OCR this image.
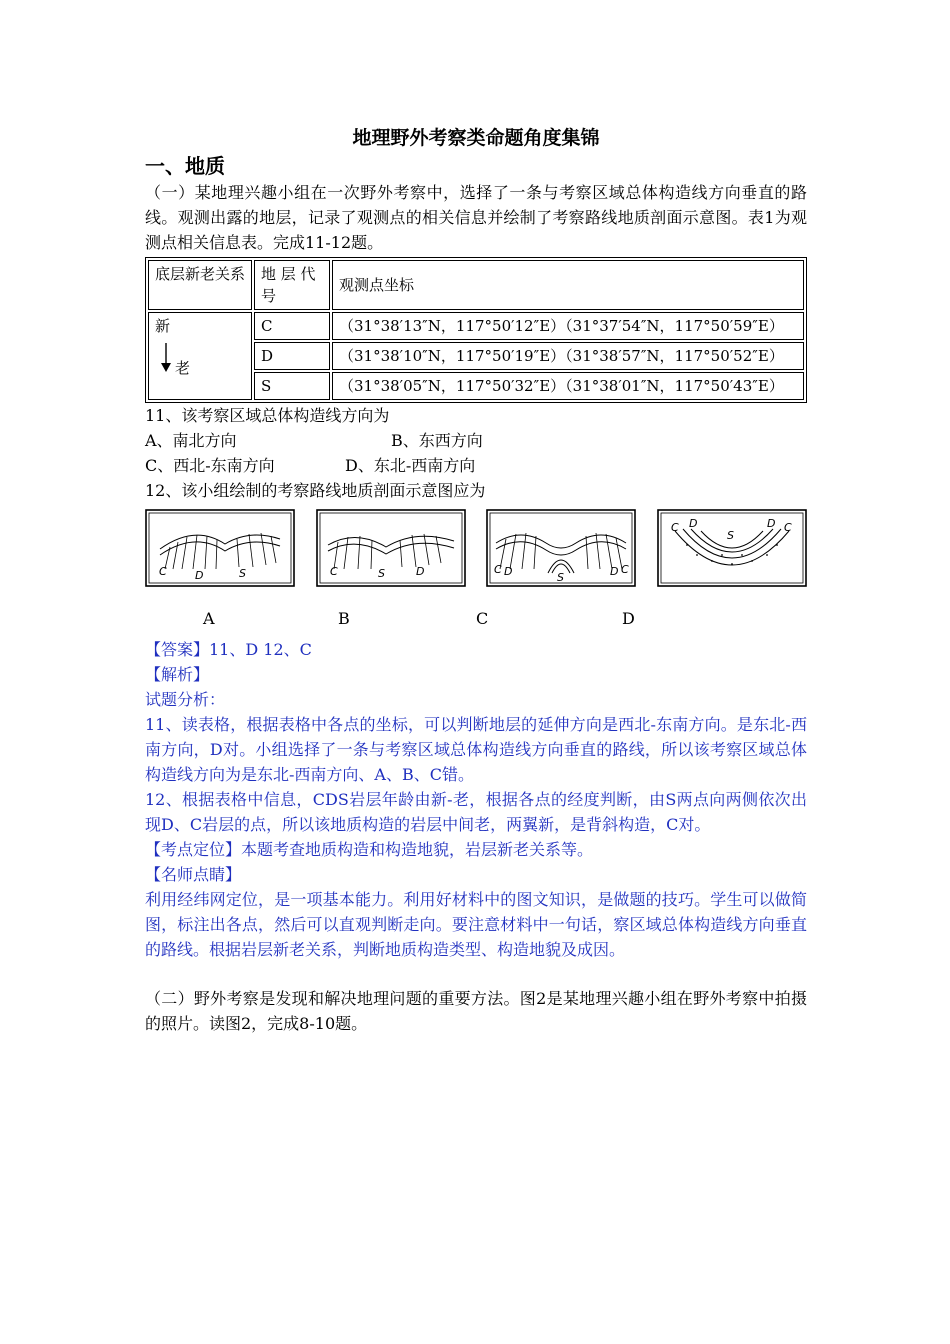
地理野外考察类命题角度集锦
一、地质

（一）某地理兴趣小组在一次野外考察中，选择了一条与考察区域总体构造线方向垂直的路线。观测出露的地层，记录了观测点的相关信息并绘制了考察路线地质剖面示意图。表1为观测点相关信息表。完成11-12题。

底层新老关系	地 层 代号	观测点坐标
新
老	C	（31°38′13″N，117°50′12″E）（31°37′54″N，117°50′59″E）
	D	（31°38′10″N，117°50′19″E）（31°38′57″N，117°50′52″E）
	S	（31°38′05″N，117°50′32″E）（31°38′01″N，117°50′43″E）

11、该考察区域总体构造线方向为

A、南北方向	B、东西方向
C、西北-东南方向	D、东北-西南方向

12、该小组绘制的考察路线地质剖面示意图应为

C	D	S	C	S	D	C D	S	D C
C D
S
D C
A	B	C	D

【答案】11、D 12、C

【解析】

试题分析：

11、读表格，根据表格中各点的坐标，可以判断地层的延伸方向是西北-东南方向。是东北-西南方向，D对。小组选择了一条与考察区域总体构造线方向垂直的路线，所以该考察区域总体构造线方向为是东北-西南方向、A、B、C错。

12、根据表格中信息，CDS岩层年龄由新-老，根据各点的经度判断，由S两点向两侧依次出现D、C岩层的点，所以该地质构造的岩层中间老，两翼新，是背斜构造，C对。

【考点定位】本题考查地质构造和构造地貌，岩层新老关系等。

【名师点睛】

利用经纬网定位，是一项基本能力。利用好材料中的图文知识，是做题的技巧。学生可以做简图，标注出各点，然后可以直观判断走向。要注意材料中一句话，察区域总体构造线方向垂直的路线。根据岩层新老关系，判断地质构造类型、构造地貌及成因。

（二）野外考察是发现和解决地理问题的重要方法。图2是某地理兴趣小组在野外考察中拍摄的照片。读图2，完成8-10题。
